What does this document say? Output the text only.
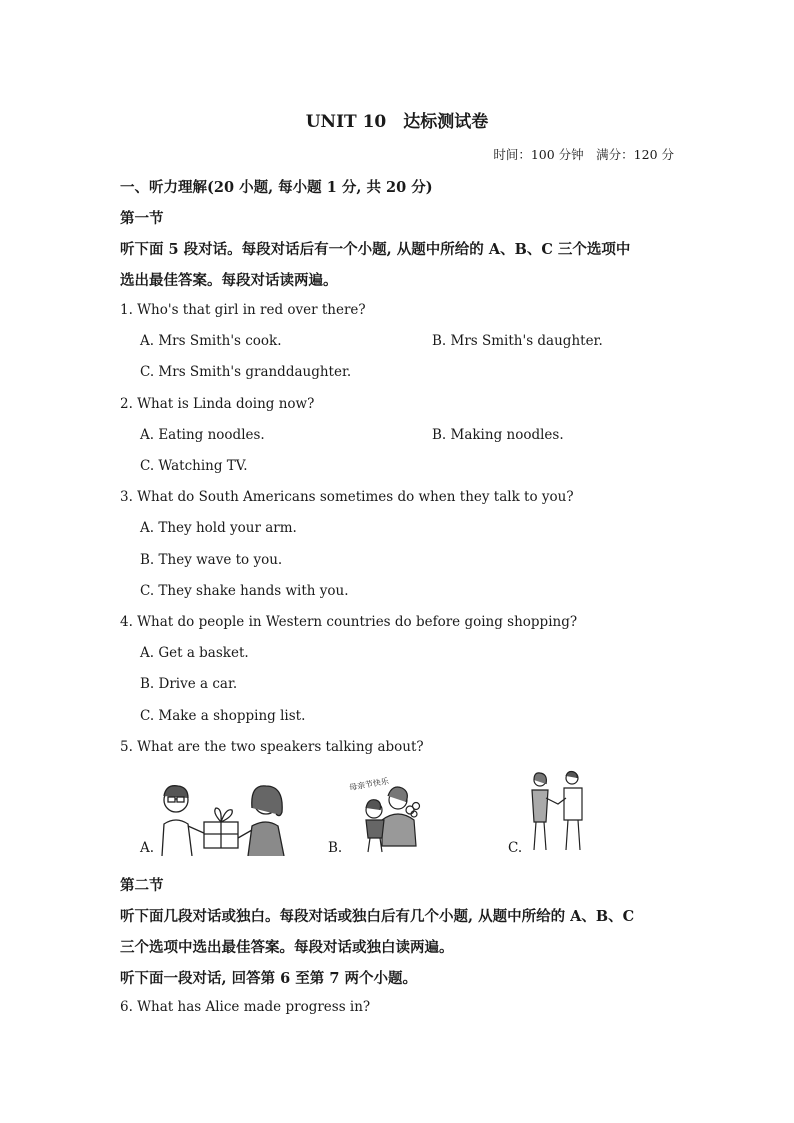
UNIT 10　达标测试卷
时间：100 分钟　满分：120 分
一、听力理解(20 小题, 每小题 1 分, 共 20 分)
第一节
听下面 5 段对话。每段对话后有一个小题, 从题中所给的 A、B、C 三个选项中
选出最佳答案。每段对话读两遍。
1. Who's that girl in red over there?
A. Mrs Smith's cook.	B. Mrs Smith's daughter.
C. Mrs Smith's granddaughter.
2. What is Linda doing now?
A. Eating noodles.	B. Making noodles.
C. Watching TV.
3. What do South Americans sometimes do when they talk to you?
A. They hold your arm.
B. They wave to you.
C. They shake hands with you.
4. What do people in Western countries do before going shopping?
A. Get a basket.
B. Drive a car.
C. Make a shopping list.
5. What are the two speakers talking about?
A.	B.
母亲节快乐
C.
第二节
听下面几段对话或独白。每段对话或独白后有几个小题, 从题中所给的 A、B、C
三个选项中选出最佳答案。每段对话或独白读两遍。
听下面一段对话, 回答第 6 至第 7 两个小题。
6. What has Alice made progress in?
